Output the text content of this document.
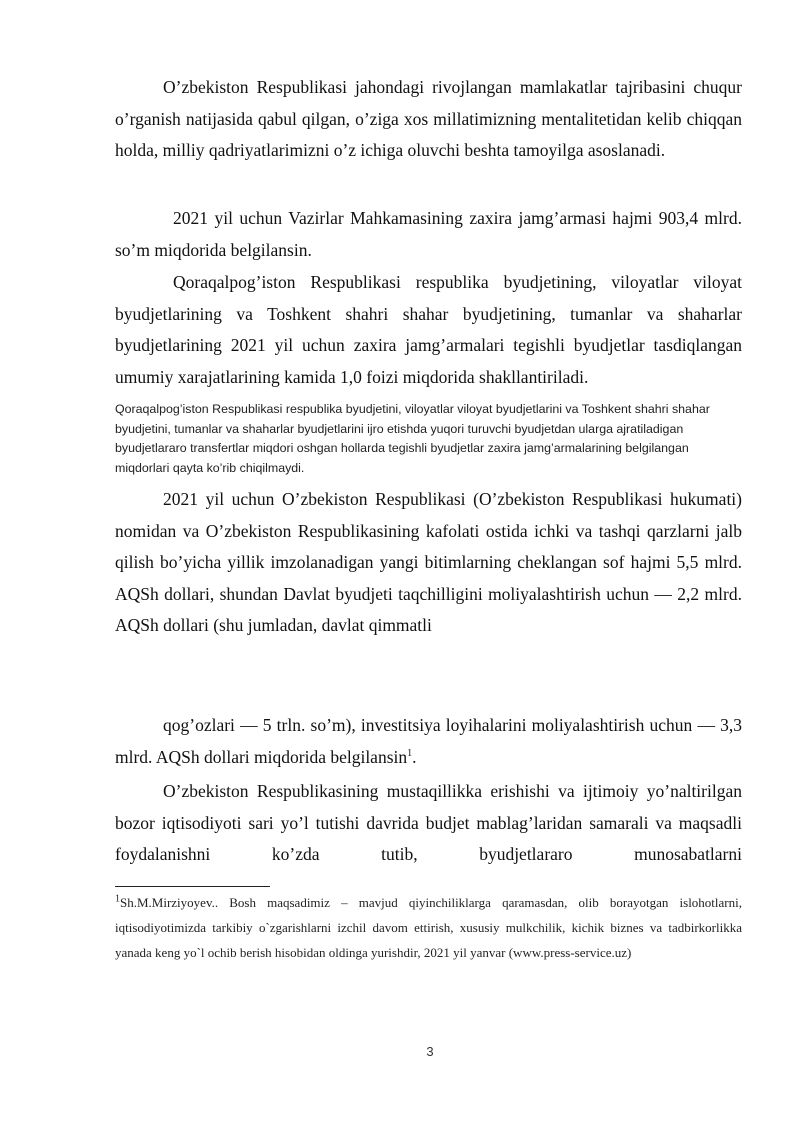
O’zbekiston Respublikasi jahondagi rivojlangan mamlakatlar tajribasini chuqur o’rganish natijasida qabul qilgan, o’ziga xos millatimizning mentalitetidan kelib chiqqan holda, milliy qadriyatlarimizni o’z ichiga oluvchi beshta tamoyilga asoslanadi.

2021 yil uchun Vazirlar Mahkamasining zaxira jamg’armasi hajmi 903,4 mlrd. so’m miqdorida belgilansin.

Qoraqalpog’iston Respublikasi respublika byudjetining, viloyatlar viloyat byudjetlarining va Toshkent shahri shahar byudjetining, tumanlar va shaharlar byudjetlarining 2021 yil uchun zaxira jamg’armalari tegishli byudjetlar tasdiqlangan umumiy xarajatlarining kamida 1,0 foizi miqdorida shakllantiriladi.

Qoraqalpog’iston Respublikasi respublika byudjetini, viloyatlar viloyat byudjetlarini va Toshkent shahri shahar byudjetini, tumanlar va shaharlar byudjetlarini ijro etishda yuqori turuvchi byudjetdan ularga ajratiladigan byudjetlararo transfertlar miqdori oshgan hollarda tegishli byudjetlar zaxira jamg’armalarining belgilangan miqdorlari qayta ko’rib chiqilmaydi.

2021 yil uchun O’zbekiston Respublikasi (O’zbekiston Respublikasi hukumati) nomidan va O’zbekiston Respublikasining kafolati ostida ichki va tashqi qarzlarni jalb qilish bo’yicha yillik imzolanadigan yangi bitimlarning cheklangan sof hajmi 5,5 mlrd. AQSh dollari, shundan Davlat byudjeti taqchilligini moliyalashtirish uchun — 2,2 mlrd. AQSh dollari (shu jumladan, davlat qimmatli

qog’ozlari — 5 trln. so’m), investitsiya loyihalarini moliyalashtirish uchun — 3,3 mlrd. AQSh dollari miqdorida belgilansin$^1$.

O’zbekiston Respublikasining mustaqillikka erishishi va ijtimoiy yo’naltirilgan bozor iqtisodiyoti sari yo’l tutishi davrida budjet mablag’laridan samarali va maqsadli foydalanishni ko’zda tutib, byudjetlararo munosabatlarni

$^1$Sh.M.Mirziyoyev.. Bosh maqsadimiz – mavjud qiyinchiliklarga qaramasdan, olib borayotgan islohotlarni, iqtisodiyotimizda tarkibiy o`zgarishlarni izchil davom ettirish, xususiy mulkchilik, kichik biznes va tadbirkorlikka yanada keng yo`l ochib berish hisobidan oldinga yurishdir, 2021 yil yanvar (www.press-service.uz)

3
